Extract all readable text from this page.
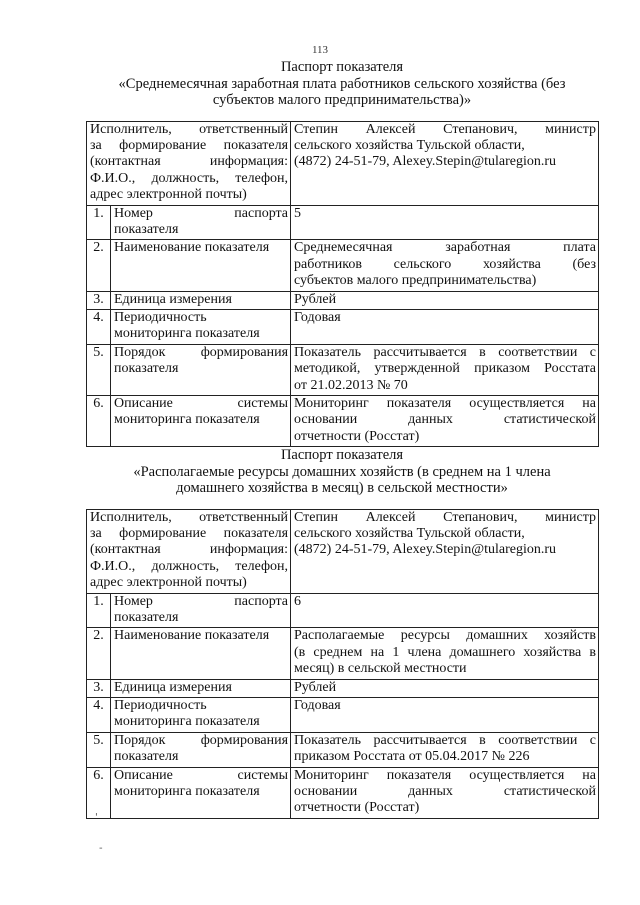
113
Паспорт показателя
«Среднемесячная заработная плата работников сельского хозяйства (без
субъектов малого предпринимательства)»
Исполнитель, ответственный
за формирование показателя
(контактная информация:
Ф.И.О., должность, телефон,
адрес электронной почты)		Степин Алексей Степанович, министр
сельского хозяйства Тульской области,
(4872) 24-51-79, Alexey.Stepin@tularegion.ru

1.	Номер паспорта
показателя	5

2.	Наименование показателя	Среднемесячная заработная плата
работников сельского хозяйства (без
субъектов малого предпринимательства)

3.	Единица измерения	Рублей

4.	Периодичность
мониторинга показателя	Годовая

5.	Порядок формирования
показателя	Показатель рассчитывается в соответствии с
методикой, утвержденной приказом Росстата
от 21.02.2013 № 70

6.	Описание системы
мониторинга показателя	Мониторинг показателя осуществляется на
основании данных статистической
отчетности (Росстат)
Паспорт показателя
«Располагаемые ресурсы домашних хозяйств (в среднем на 1 члена
домашнего хозяйства в месяц) в сельской местности»
Исполнитель, ответственный
за формирование показателя
(контактная информация:
Ф.И.О., должность, телефон,
адрес электронной почты)		Степин Алексей Степанович, министр
сельского хозяйства Тульской области,
(4872) 24-51-79, Alexey.Stepin@tularegion.ru

1.	Номер паспорта
показателя	6

2.	Наименование показателя	Располагаемые ресурсы домашних хозяйств
(в среднем на 1 члена домашнего хозяйства в
месяц) в сельской местности

3.	Единица измерения	Рублей

4.	Периодичность
мониторинга показателя	Годовая

5.	Порядок формирования
показателя	Показатель рассчитывается в соответствии с
приказом Росстата от 05.04.2017 № 226

6.	Описание системы
мониторинга показателя	Мониторинг показателя осуществляется на
основании данных статистической
отчетности (Росстат)
'
-
